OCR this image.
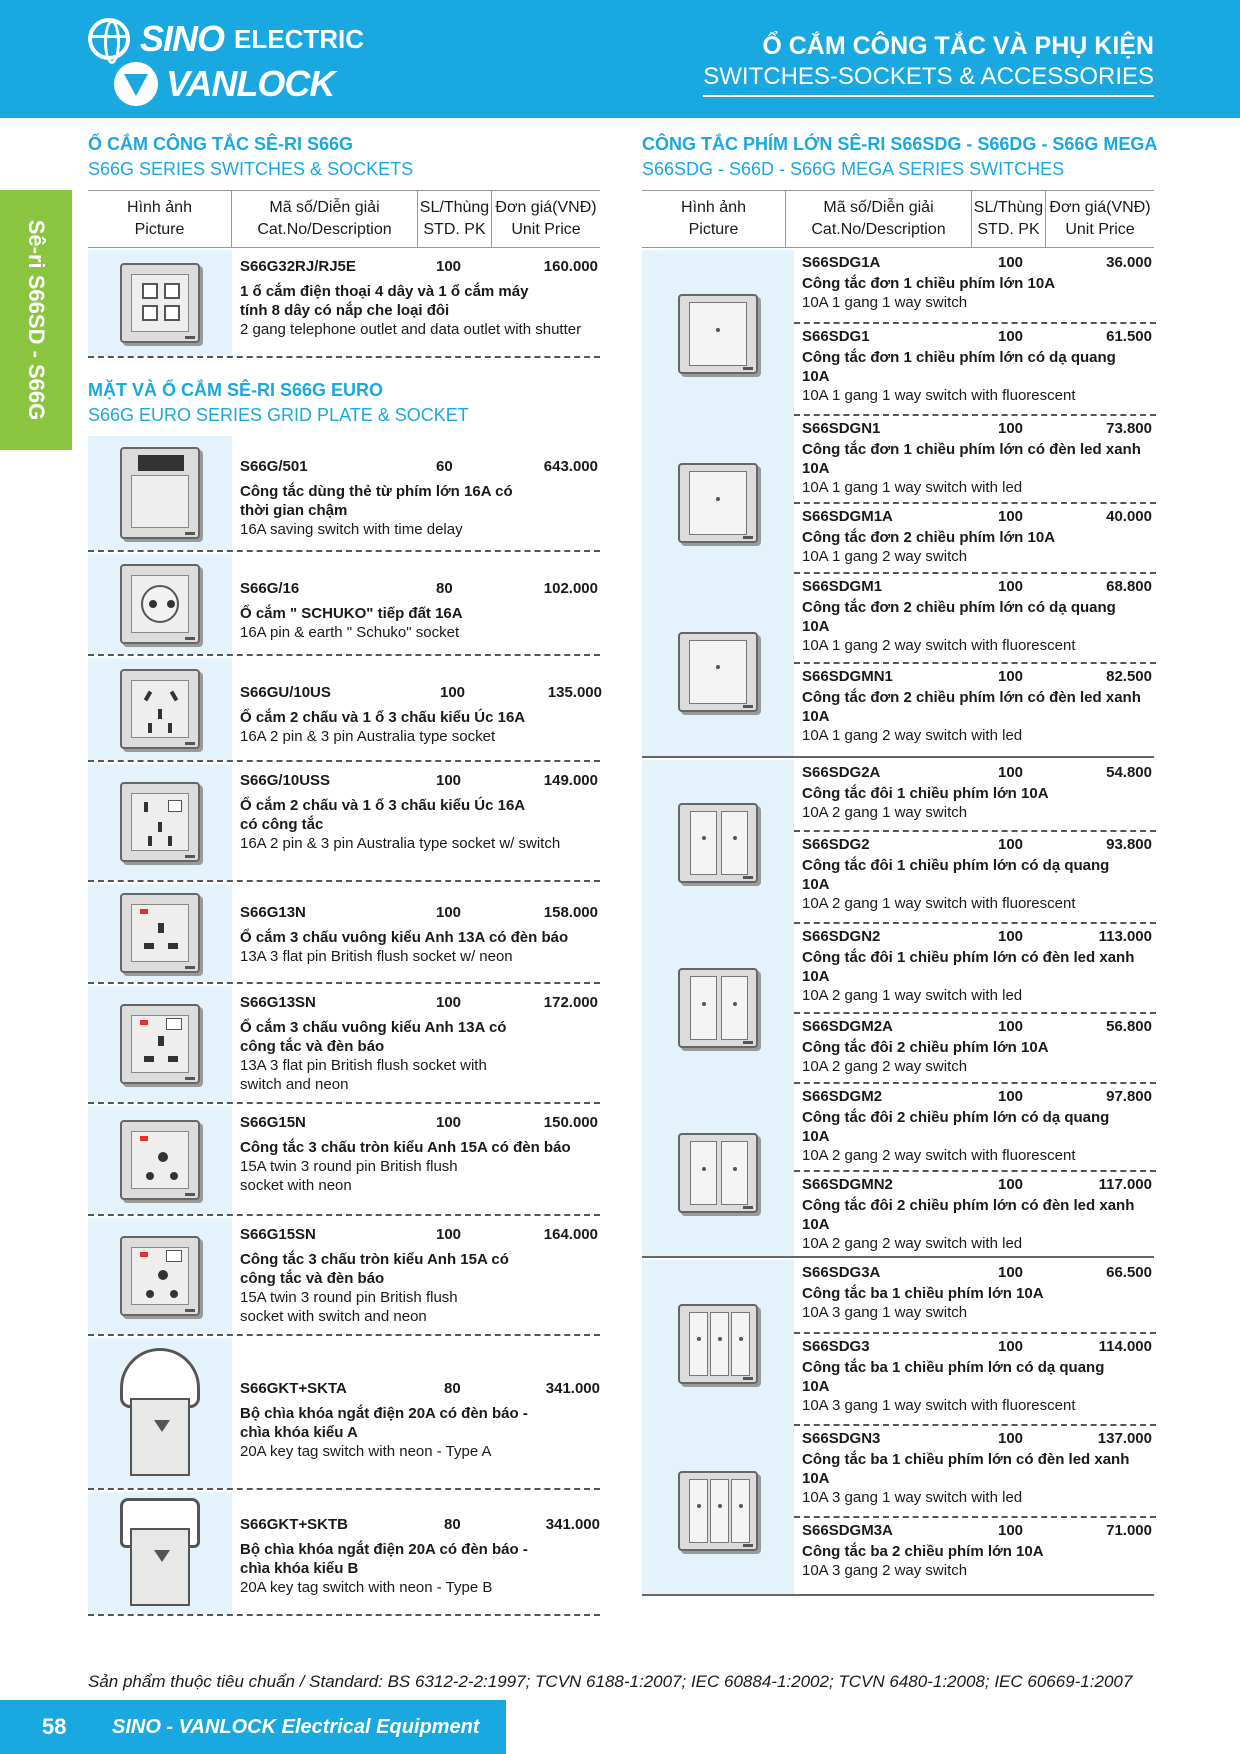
SINO ELECTRIC
VANLOCK
Ổ CẮM CÔNG TẮC VÀ PHỤ KIỆN
SWITCHES-SOCKETS & ACCESSORIES
Sê-ri S66SD - S66G
Ổ CẮM CÔNG TẮC SÊ-RI S66G
S66G SERIES SWITCHES & SOCKETS
Hình ảnh
Picture
Mã số/Diễn giải
Cat.No/Description
SL/Thùng
STD. PK
Đơn giá(VNĐ)
Unit Price
S66G32RJ/RJ5E	100	160.000
1 ổ cắm điện thoại 4 dây và 1 ổ cắm máy tính 8 dây có nắp che loại đôi
2 gang telephone outlet and data outlet with shutter
MẶT VÀ Ổ CẮM SÊ-RI S66G EURO
S66G EURO SERIES GRID PLATE & SOCKET
S66G/501	60	643.000
Công tắc dùng thẻ từ phím lớn 16A có thời gian chậm
16A saving switch with time delay
S66G/16	80	102.000
Ổ cắm " SCHUKO" tiếp đất 16A
16A pin & earth " Schuko" socket
S66GU/10US	100	135.000
Ổ cắm 2 chấu và 1 ổ 3 chấu kiểu Úc 16A
16A 2 pin & 3 pin Australia type socket
S66G/10USS	100	149.000
Ổ cắm 2 chấu và 1 ổ 3 chấu kiểu Úc 16A có công tắc
16A 2 pin & 3 pin Australia type socket w/ switch
S66G13N	100	158.000
Ổ cắm 3 chấu vuông kiểu Anh 13A có đèn báo
13A 3 flat pin British flush socket w/ neon
S66G13SN	100	172.000
Ổ cắm 3 chấu vuông kiểu Anh 13A có công tắc và đèn báo
13A 3 flat pin British flush socket with switch and neon
S66G15N	100	150.000
Công tắc 3 chấu tròn kiểu Anh 15A có đèn báo
15A twin 3 round pin British flush socket with neon
S66G15SN	100	164.000
Công tắc 3 chấu tròn kiểu Anh 15A có công tắc và đèn báo
15A twin 3 round pin British flush socket with switch and neon
S66GKT+SKTA	80	341.000
Bộ chìa khóa ngắt điện 20A có đèn báo - chìa khóa kiểu A
20A key tag switch with neon - Type A
S66GKT+SKTB	80	341.000
Bộ chìa khóa ngắt điện 20A có đèn báo - chìa khóa kiểu B
20A key tag switch with neon - Type B
CÔNG TẮC PHÍM LỚN SÊ-RI S66SDG - S66DG - S66G MEGA
S66SDG - S66D - S66G MEGA SERIES SWITCHES
Hình ảnh
Picture
Mã số/Diễn giải
Cat.No/Description
SL/Thùng
STD. PK
Đơn giá(VNĐ)
Unit Price
S66SDG1A	100	36.000
Công tắc đơn 1 chiều phím lớn 10A
10A 1 gang 1 way switch
S66SDG1	100	61.500
Công tắc đơn 1 chiều phím lớn có dạ quang 10A
10A 1 gang 1 way switch with fluorescent
S66SDGN1	100	73.800
Công tắc đơn 1 chiều phím lớn có đèn led xanh 10A
10A 1 gang 1 way switch with led
S66SDGM1A	100	40.000
Công tắc đơn 2 chiều phím lớn 10A
10A 1 gang 2 way switch
S66SDGM1	100	68.800
Công tắc đơn 2 chiều phím lớn có dạ quang 10A
10A 1 gang 2 way switch with fluorescent
S66SDGMN1	100	82.500
Công tắc đơn 2 chiều phím lớn có đèn led xanh 10A
10A 1 gang 2 way switch with led
S66SDG2A	100	54.800
Công tắc đôi 1 chiều phím lớn 10A
10A 2 gang 1 way switch
S66SDG2	100	93.800
Công tắc đôi 1 chiều phím lớn có dạ quang 10A
10A 2 gang 1 way switch with fluorescent
S66SDGN2	100	113.000
Công tắc đôi 1 chiều phím lớn có đèn led xanh 10A
10A 2 gang 1 way switch with led
S66SDGM2A	100	56.800
Công tắc đôi 2 chiều phím lớn 10A
10A 2 gang 2 way switch
S66SDGM2	100	97.800
Công tắc đôi 2 chiều phím lớn có dạ quang 10A
10A 2 gang 2 way switch with fluorescent
S66SDGMN2	100	117.000
Công tắc đôi 2 chiều phím lớn có đèn led xanh 10A
10A 2 gang 2 way switch with led
S66SDG3A	100	66.500
Công tắc ba 1 chiều phím lớn 10A
10A 3 gang 1 way switch
S66SDG3	100	114.000
Công tắc ba 1 chiều phím lớn có dạ quang 10A
10A 3 gang 1 way switch with fluorescent
S66SDGN3	100	137.000
Công tắc ba 1 chiều phím lớn có đèn led xanh 10A
10A 3 gang 1 way switch with led
S66SDGM3A	100	71.000
Công tắc ba 2 chiều phím lớn 10A
10A 3 gang 2 way switch
Sản phẩm thuộc tiêu chuẩn / Standard: BS 6312-2-2:1997; TCVN 6188-1:2007; IEC 60884-1:2002; TCVN 6480-1:2008; IEC 60669-1:2007
58	SINO - VANLOCK Electrical Equipment
